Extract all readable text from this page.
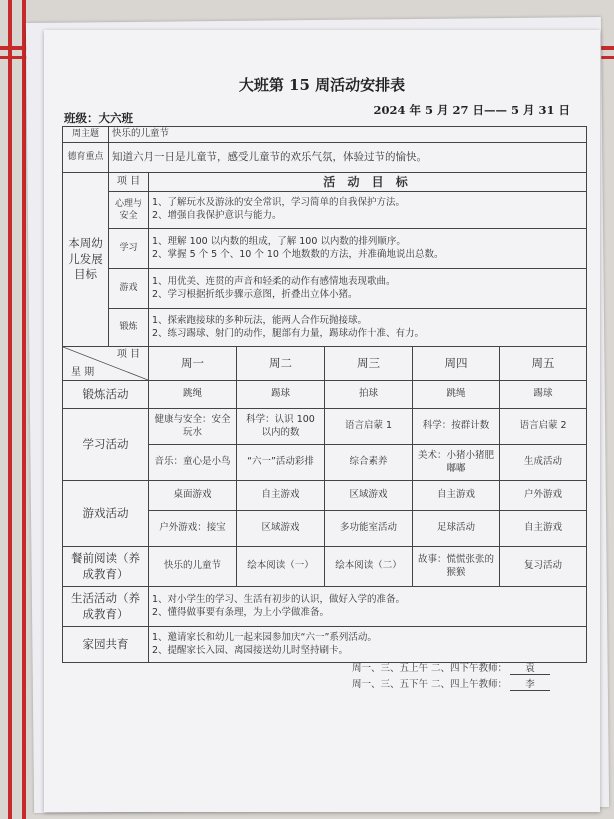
大班第 15 周活动安排表
2024 年 5 月 27 日—— 5 月 31 日
班级：大六班
周主题	快乐的儿童节					
德育重点	知道六月一日是儿童节，感受儿童节的欢乐气氛，体验过节的愉快。					
本周幼儿发展目标	项 目	活 动 目 标				
	心理与安全	1、了解玩水及游泳的安全常识，学习简单的自我保护方法。
2、增强自我保护意识与能力。				

	学习	1、理解 100 以内数的组成，了解 100 以内数的排列顺序。
2、掌握 5 个 5 个、10 个 10 个地数数的方法，并准确地说出总数。				

	游戏	1、用优美、连贯的声音和轻柔的动作有感情地表现歌曲。
2、学习根据折纸步骤示意图，折叠出立体小猪。				

	锻炼	1、探索跑接球的多种玩法，能两人合作玩抛接球。
2、练习踢球、射门的动作，腿部有力量，踢球动作十准、有力。				

项 目
星 期		周一	周二	周三	周四	周五
锻炼活动		跳绳	踢球	拍球	跳绳	踢球
学习活动		健康与安全：安全玩水	科学：认识 100 以内的数	语言启蒙 1	科学：按群计数	语言启蒙 2
		音乐：童心是小鸟	“六一”活动彩排	综合素养	美术：小猪小猪肥嘟嘟	生成活动
游戏活动		桌面游戏	自主游戏	区域游戏	自主游戏	户外游戏
		户外游戏：接宝	区域游戏	多功能室活动	足球活动	自主游戏
餐前阅读（养成教育）		快乐的儿童节	绘本阅读（一）	绘本阅读（二）	故事：慌慌张张的猴猴	复习活动
生活活动（养成教育）		1、对小学生的学习、生活有初步的认识，做好入学的准备。
2、懂得做事要有条理，为上小学做准备。				

家园共育		1、邀请家长和幼儿一起来园参加庆“六一”系列活动。
2、提醒家长入园、离园接送幼儿时坚持刷卡。				
周一、三、五上午 二、四下午教师： 袁
周一、三、五下午 二、四上午教师： 李
